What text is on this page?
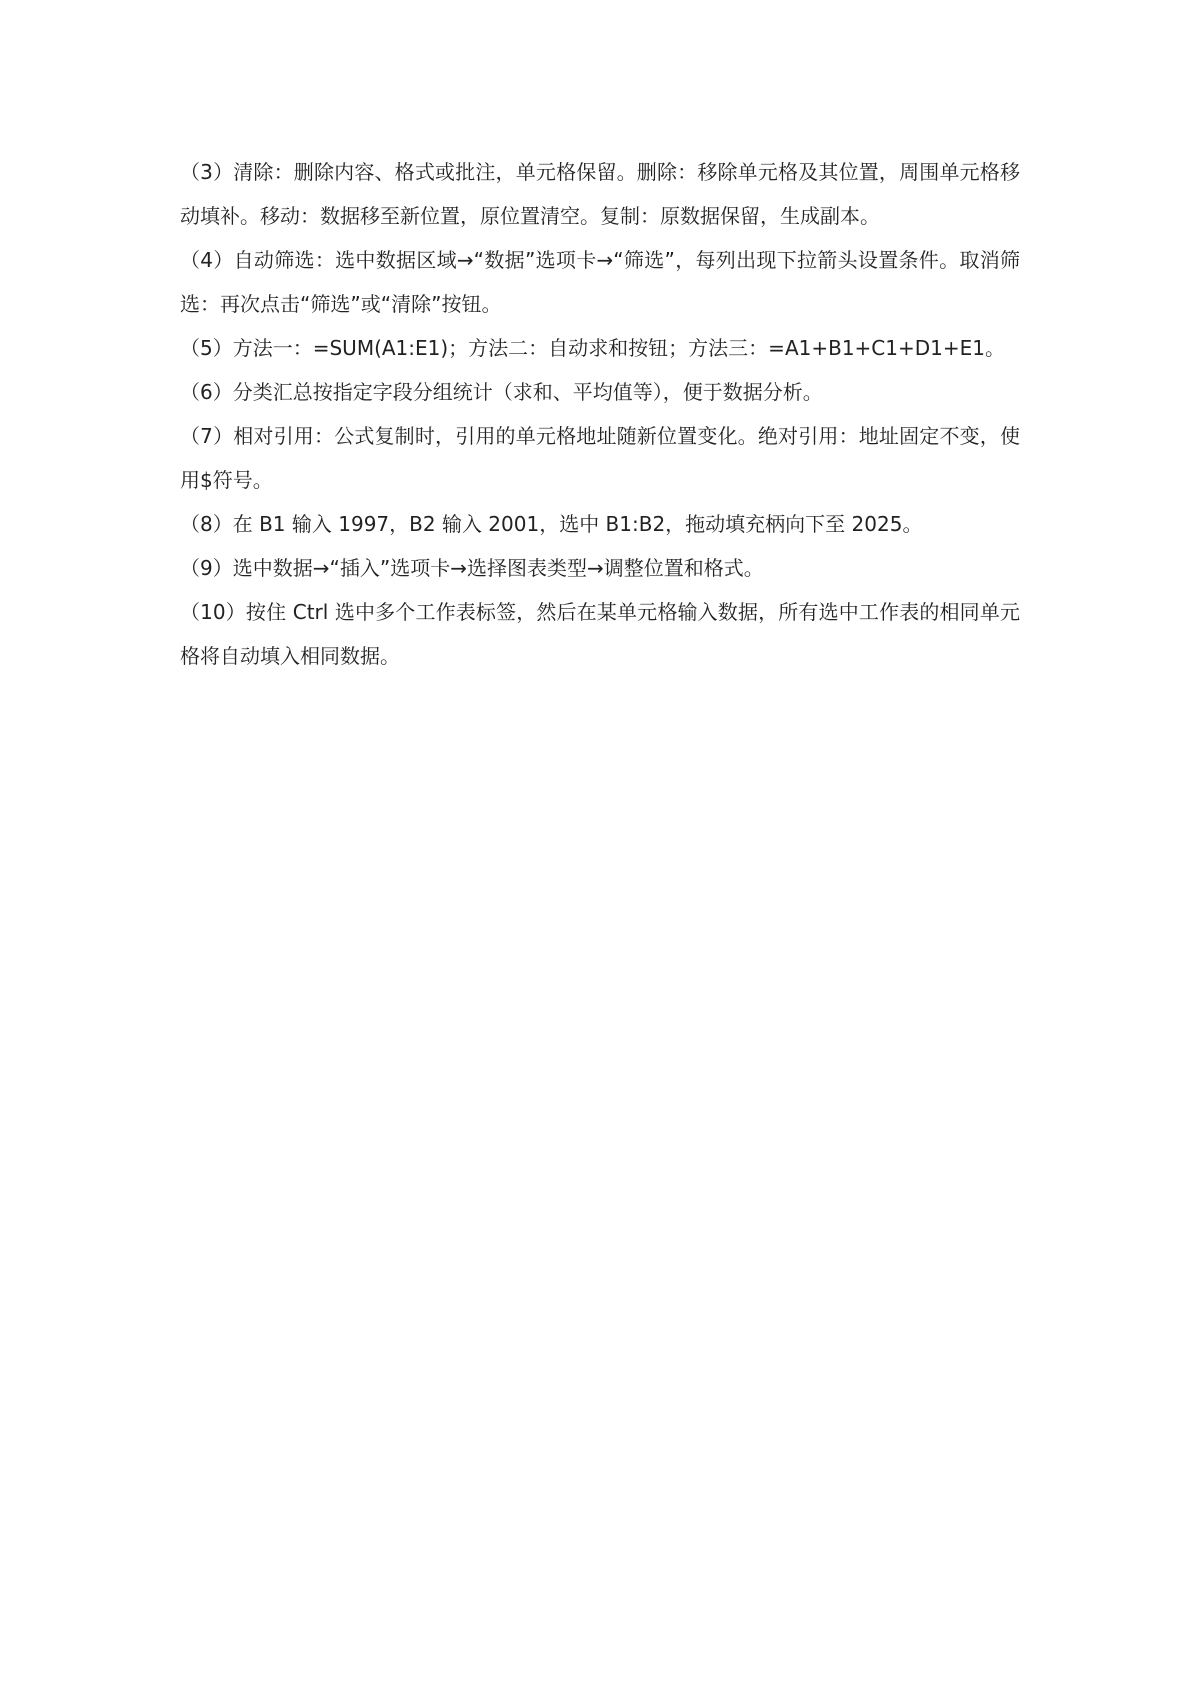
（3）清除：删除内容、格式或批注，单元格保留。删除：移除单元格及其位置，周围单元格移动填补。移动：数据移至新位置，原位置清空。复制：原数据保留，生成副本。

（4）自动筛选：选中数据区域→“数据”选项卡→“筛选”，每列出现下拉箭头设置条件。取消筛选：再次点击“筛选”或“清除”按钮。

（5）方法一：=SUM(A1:E1)；方法二：自动求和按钮；方法三：=A1+B1+C1+D1+E1。

（6）分类汇总按指定字段分组统计（求和、平均值等），便于数据分析。

（7）相对引用：公式复制时，引用的单元格地址随新位置变化。绝对引用：地址固定不变，使用$符号。

（8）在 B1 输入 1997，B2 输入 2001，选中 B1:B2，拖动填充柄向下至 2025。

（9）选中数据→“插入”选项卡→选择图表类型→调整位置和格式。

（10）按住 Ctrl 选中多个工作表标签，然后在某单元格输入数据，所有选中工作表的相同单元格将自动填入相同数据。
